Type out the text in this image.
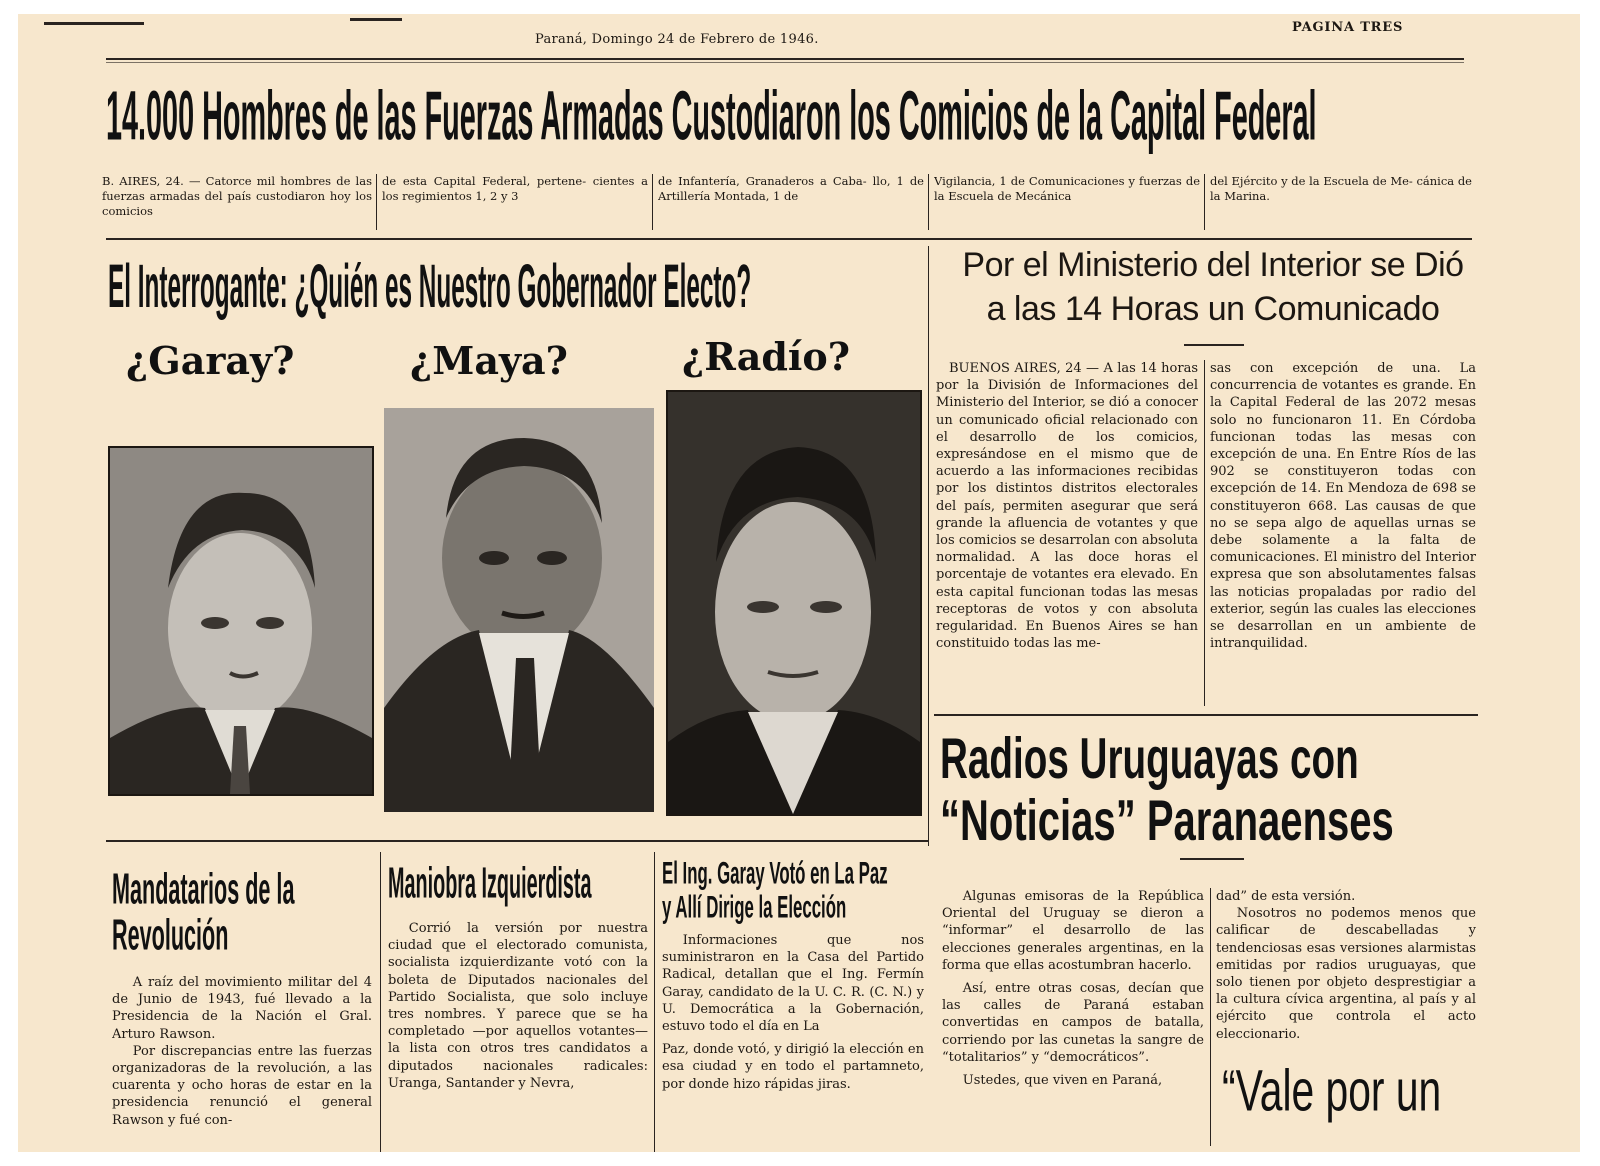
Paraná, Domingo 24 de Febrero de 1946.
PAGINA TRES
14.000 Hombres de las Fuerzas Armadas Custodiaron los Comicios de la Capital Federal
B. AIRES, 24. — Catorce mil hombres de las fuerzas armadas del país custodiaron hoy los comicios
de esta Capital Federal, pertene- cientes a los regimientos 1, 2 y 3
de Infantería, Granaderos a Caba- llo, 1 de Artillería Montada, 1 de
Vigilancia, 1 de Comunicaciones y fuerzas de la Escuela de Mecánica
del Ejército y de la Escuela de Me- cánica de la Marina.
El Interrogante: ¿Quién es Nuestro Gobernador Electo?
¿Garay?	¿Maya?	¿Radío?
Por el Ministerio del Interior se Dió
a las 14 Horas un Comunicado
BUENOS AIRES, 24 — A las 14 horas por la División de Informaciones del Ministerio del Interior, se dió a conocer un comunicado oficial relacionado con el desarrollo de los comicios, expresándose en el mismo que de acuerdo a las informaciones recibidas por los distintos distritos electorales del país, permiten asegurar que será grande la afluencia de votantes y que los comicios se desarrolan con absoluta normalidad. A las doce horas el porcentaje de votantes era elevado. En esta capital funcionan todas las mesas receptoras de votos y con absoluta regularidad. En Buenos Aires se han constituido todas las me-
sas con excepción de una. La concurrencia de votantes es grande. En la Capital Federal de las 2072 mesas solo no funcionaron 11. En Córdoba funcionan todas las mesas con excepción de una. En Entre Ríos de las 902 se constituyeron todas con excepción de 14. En Mendoza de 698 se constituyeron 668. Las causas de que no se sepa algo de aquellas urnas se debe solamente a la falta de comunicaciones. El ministro del Interior expresa que son absolutamentes falsas las noticias propaladas por radio del exterior, según las cuales las elecciones se desarrollan en un ambiente de intranquilidad.
Radios Uruguayas con
“Noticias” Paranaenses

Algunas emisoras de la República Oriental del Uruguay se dieron a “informar” el desarrollo de las elecciones generales argentinas, en la forma que ellas acostumbran hacerlo.

Así, entre otras cosas, decían que las calles de Paraná estaban convertidas en campos de batalla, corriendo por las cunetas la sangre de “totalitarios” y “democráticos”.

Ustedes, que viven en Paraná,

dad” de esta versión.

Nosotros no podemos menos que calificar de descabelladas y tendenciosas esas versiones alarmistas emitidas por radios uruguayas, que solo tienen por objeto desprestigiar a la cultura cívica argentina, al país y al ejército que controla el acto eleccionario.

“Vale por un
Mandatarios de la
Revolución

A raíz del movimiento militar del 4 de Junio de 1943, fué llevado a la Presidencia de la Nación el Gral. Arturo Rawson.

Por discrepancias entre las fuerzas organizadoras de la revolución, a las cuarenta y ocho horas de estar en la presidencia renunció el general Rawson y fué con-

Maniobra Izquierdista

Corrió la versión por nuestra ciudad que el electorado comunista, socialista izquierdizante votó con la boleta de Diputados nacionales del Partido Socialista, que solo incluye tres nombres. Y parece que se ha completado —por aquellos votantes— la lista con otros tres candidatos a diputados nacionales radicales: Uranga, Santander y Nevra,

El Ing. Garay Votó en La Paz
y Allí Dirige la Elección

Informaciones que nos suministraron en la Casa del Partido Radical, detallan que el Ing. Fermín Garay, candidato de la U. C. R. (C. N.) y U. Democrática a la Gobernación, estuvo todo el día en La

Paz, donde votó, y dirigió la elección en esa ciudad y en todo el partamneto, por donde hizo rápidas jiras.
